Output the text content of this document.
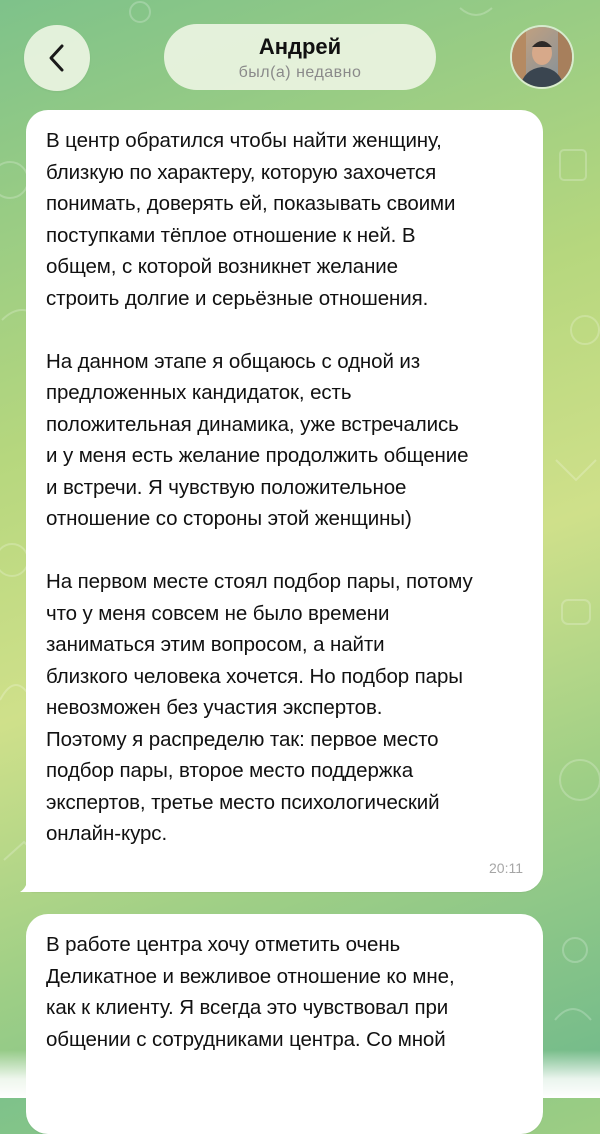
Андрей
был(а) недавно
В центр обратился чтобы найти женщину,
близкую по характеру, которую захочется
понимать, доверять ей, показывать своими
поступками тёплое отношение к ней. В
общем, с которой возникнет желание
строить долгие и серьёзные отношения.

На данном этапе я общаюсь с одной из
предложенных кандидаток, есть
положительная динамика, уже встречались
и у меня есть желание продолжить общение
и встречи. Я чувствую положительное
отношение со стороны этой женщины)

На первом месте стоял подбор пары, потому
что у меня совсем не было времени
заниматься этим вопросом, а найти
близкого человека хочется. Но подбор пары
невозможен без участия экспертов.
Поэтому я распределю так: первое место
подбор пары, второе место поддержка
экспертов, третье место психологический
онлайн-курс.
20:11
В работе центра хочу отметить очень
Деликатное и вежливое отношение ко мне,
как к клиенту. Я всегда это чувствовал при
общении с сотрудниками центра. Со мной
